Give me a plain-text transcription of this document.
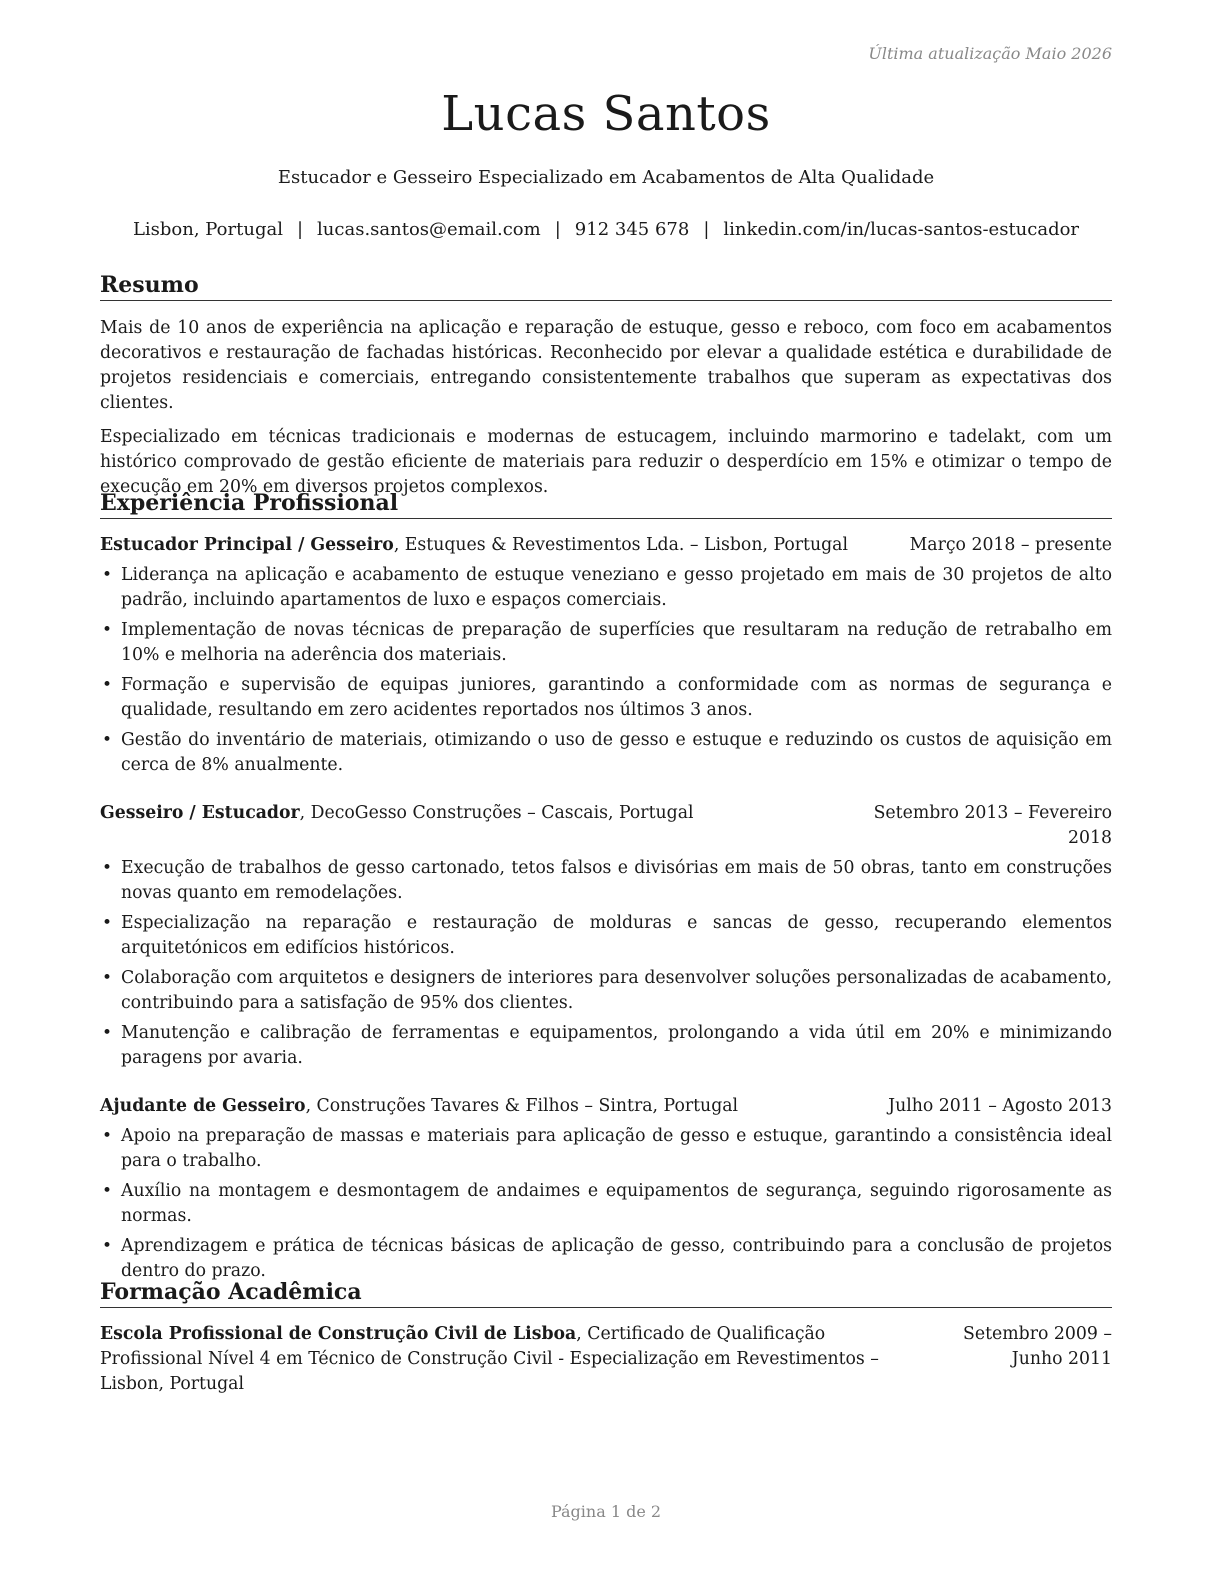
Última atualização Maio 2026
Lucas Santos
Estucador e Gesseiro Especializado em Acabamentos de Alta Qualidade
Lisbon, Portugal | lucas.santos@email.com | 912 345 678 | linkedin.com/in/lucas-santos-estucador
Resumo

Mais de 10 anos de experiência na aplicação e reparação de estuque, gesso e reboco, com foco em acabamentos decorativos e restauração de fachadas históricas. Reconhecido por elevar a qualidade estética e durabilidade de projetos residenciais e comerciais, entregando consistentemente trabalhos que superam as expectativas dos clientes.

Especializado em técnicas tradicionais e modernas de estucagem, incluindo marmorino e tadelakt, com um histórico comprovado de gestão eficiente de materiais para reduzir o desperdício em 15% e otimizar o tempo de execução em 20% em diversos projetos complexos.

Experiência Profissional
Estucador Principal / Gesseiro, Estuques & Revestimentos Lda. – Lisbon, Portugal	Março 2018 – presente
• Liderança na aplicação e acabamento de estuque veneziano e gesso projetado em mais de 30 projetos de alto padrão, incluindo apartamentos de luxo e espaços comerciais.
• Implementação de novas técnicas de preparação de superfícies que resultaram na redução de retrabalho em 10% e melhoria na aderência dos materiais.
• Formação e supervisão de equipas juniores, garantindo a conformidade com as normas de segurança e qualidade, resultando em zero acidentes reportados nos últimos 3 anos.
• Gestão do inventário de materiais, otimizando o uso de gesso e estuque e reduzindo os custos de aquisição em cerca de 8% anualmente.
Gesseiro / Estucador, DecoGesso Construções – Cascais, Portugal	Setembro 2013 – Fevereiro 2018
• Execução de trabalhos de gesso cartonado, tetos falsos e divisórias em mais de 50 obras, tanto em construções novas quanto em remodelações.
• Especialização na reparação e restauração de molduras e sancas de gesso, recuperando elementos arquitetónicos em edifícios históricos.
• Colaboração com arquitetos e designers de interiores para desenvolver soluções personalizadas de acabamento, contribuindo para a satisfação de 95% dos clientes.
• Manutenção e calibração de ferramentas e equipamentos, prolongando a vida útil em 20% e minimizando paragens por avaria.
Ajudante de Gesseiro, Construções Tavares & Filhos – Sintra, Portugal	Julho 2011 – Agosto 2013
• Apoio na preparação de massas e materiais para aplicação de gesso e estuque, garantindo a consistência ideal para o trabalho.
• Auxílio na montagem e desmontagem de andaimes e equipamentos de segurança, seguindo rigorosamente as normas.
• Aprendizagem e prática de técnicas básicas de aplicação de gesso, contribuindo para a conclusão de projetos dentro do prazo.
Formação Acadêmica
Escola Profissional de Construção Civil de Lisboa, Certificado de Qualificação Profissional Nível 4 em Técnico de Construção Civil - Especialização em Revestimentos – Lisbon, Portugal
Setembro 2009 – Junho 2011
Página 1 de 2
